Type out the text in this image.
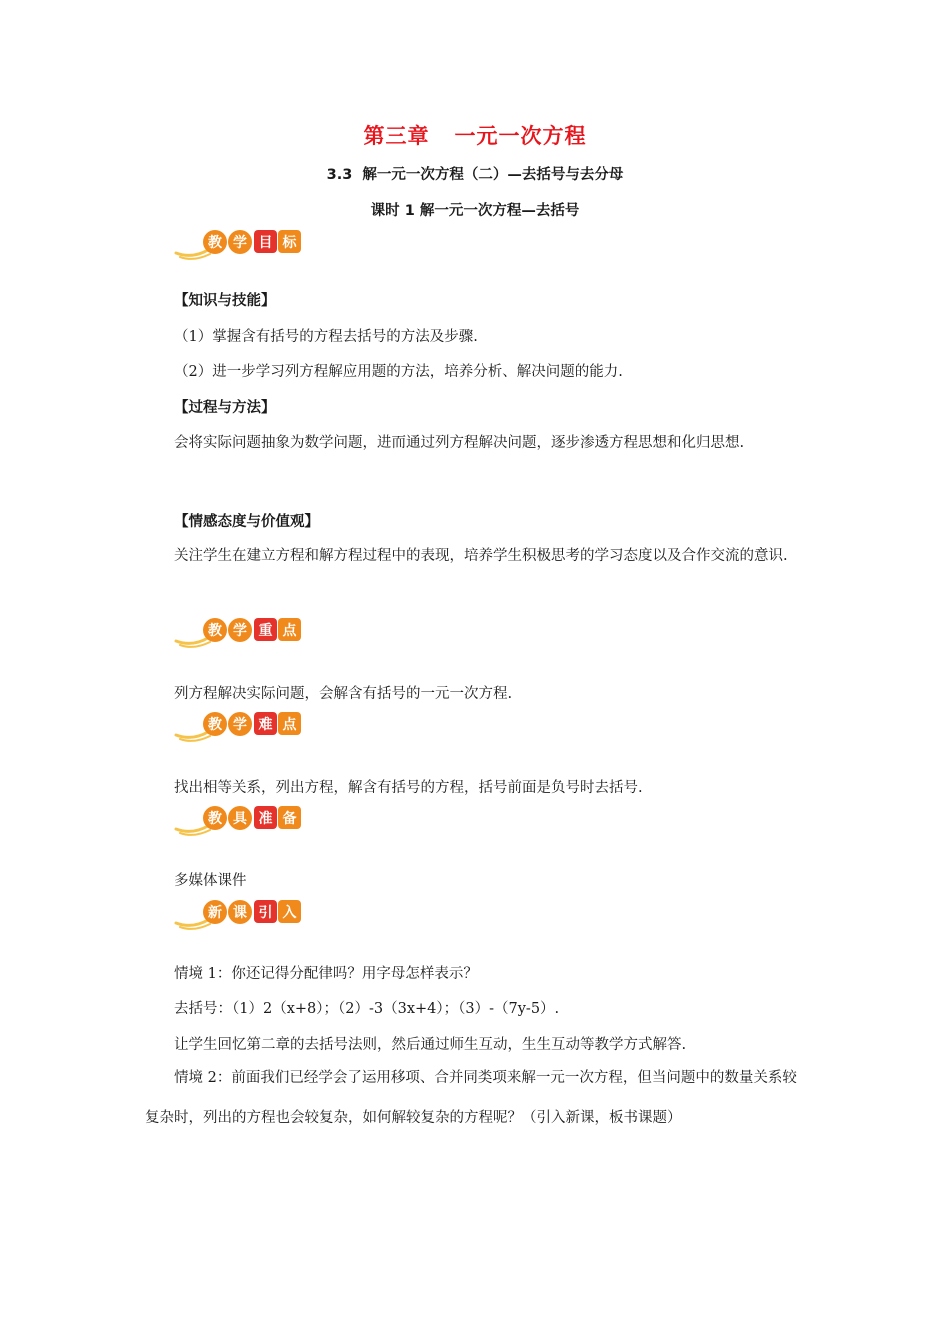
第三章   一元一次方程
3.3  解一元一次方程（二）—去括号与去分母
课时 1 解一元一次方程—去括号
教 学 目 标
【知识与技能】
（1）掌握含有括号的方程去括号的方法及步骤.
（2）进一步学习列方程解应用题的方法，培养分析、解决问题的能力.
【过程与方法】
会将实际问题抽象为数学问题，进而通过列方程解决问题，逐步渗透方程思想和化归思想.
【情感态度与价值观】
关注学生在建立方程和解方程过程中的表现，培养学生积极思考的学习态度以及合作交流的意识.
教 学 重 点
列方程解决实际问题，会解含有括号的一元一次方程.
教 学 难 点
找出相等关系，列出方程，解含有括号的方程，括号前面是负号时去括号.
教 具 准 备
多媒体课件
新 课 引 入
情境 1：你还记得分配律吗？用字母怎样表示？
去括号：（1）2（x+8）；（2）-3（3x+4）；（3）-（7y-5）.
让学生回忆第二章的去括号法则，然后通过师生互动，生生互动等教学方式解答.
情境 2：前面我们已经学会了运用移项、合并同类项来解一元一次方程，但当问题中的数量关系较复杂时，列出的方程也会较复杂，如何解较复杂的方程呢？（引入新课，板书课题）
